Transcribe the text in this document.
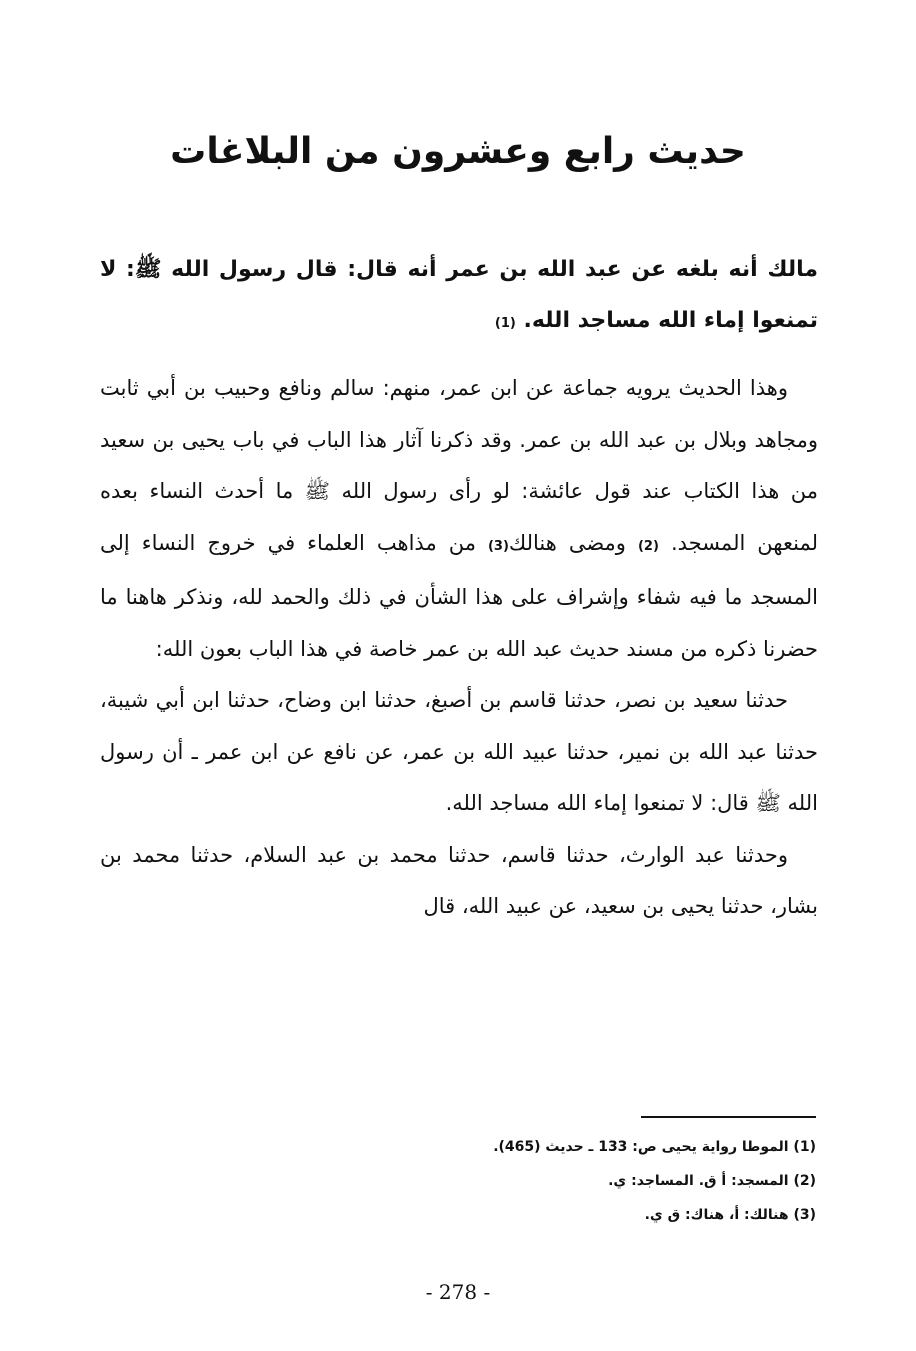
حديث رابع وعشرون من البلاغات

مالك أنه بلغه عن عبد الله بن عمر أنه قال: قال رسول الله ﷺ: لا تمنعوا إماء الله مساجد الله. (1)

وهذا الحديث يرويه جماعة عن ابن عمر، منهم: سالم ونافع وحبيب بن أبي ثابت ومجاهد وبلال بن عبد الله بن عمر. وقد ذكرنا آثار هذا الباب في باب يحيى بن سعيد من هذا الكتاب عند قول عائشة: لو رأى رسول الله ﷺ ما أحدث النساء بعده لمنعهن المسجد. (2) ومضى هنالك(3) من مذاهب العلماء في خروج النساء إلى المسجد ما فيه شفاء وإشراف على هذا الشأن في ذلك والحمد لله، ونذكر هاهنا ما حضرنا ذكره من مسند حديث عبد الله بن عمر خاصة في هذا الباب بعون الله:

حدثنا سعيد بن نصر، حدثنا قاسم بن أصبغ، حدثنا ابن وضاح، حدثنا ابن أبي شيبة، حدثنا عبد الله بن نمير، حدثنا عبيد الله بن عمر، عن نافع عن ابن عمر ـ أن رسول الله ﷺ قال: لا تمنعوا إماء الله مساجد الله.

وحدثنا عبد الوارث، حدثنا قاسم، حدثنا محمد بن عبد السلام، حدثنا محمد بن بشار، حدثنا يحيى بن سعيد، عن عبيد الله، قال

(1) الموطا رواية يحيى ص: 133 ـ حديث (465).
(2) المسجد: أ ق. المساجد: ي.
(3) هنالك: أ، هناك: ق ي.
- 278 -
